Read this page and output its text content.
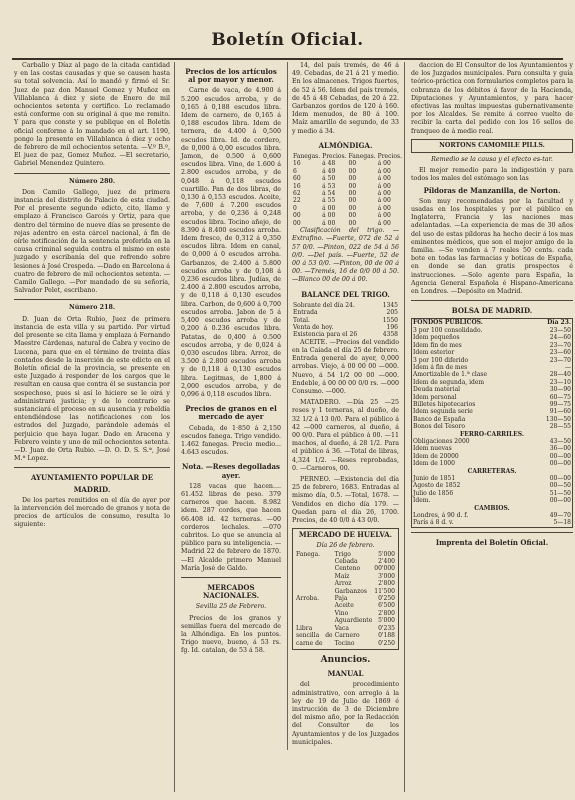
Boletín Oficial.

Carballo y Díaz al pago de la citada cantidad y en las costas causadas y que se causen hasta su total solvencia. Así lo mandó y firmó el Sr. Juez de paz don Manuel Gomez y Muñoz en Villablanca á diez y siete de Enero de mil ochocientos setenta y certifico. Lo reclamado está conforme con su original á que me remito. Y para que conste y se publique en el Boletín oficial conforme á lo mandado en el art. 1190, pongo la presente en Villablanca á diez y ocho de febrero de mil ochocientos setenta. —V.º B.º, El juez de paz, Gomez Muñoz. —El secretario, Gabriel Menendez Quintero.

Número 280.

Don Camilo Gallego, juez de primera instancia del distrito de Palacio de esta ciudad. Por el presente segundo edicto, cito, llamo y emplazo á Francisco Garcés y Ortiz, para que dentro del término de nueve días se presente de rejas adentro en esta cárcel nacional, á fin de oírle notificación de la sentencia proferida en la causa criminal seguida contra el mismo en este juzgado y escribanía del que refrendo sobre lesiones á José Crespeda. —Dado en Barcelona á cuatro de febrero de mil ochocientos setenta. —Camilo Gallego. —Por mandado de su señoría, Salvador Pelet, escribano.

Número 218.

D. Juan de Orta Rubio, Juez de primera instancia de esta villa y su partido. Por virtud del presente se cita llama y emplaza á Fernando Maestre Cárdenas, natural de Cabra y vecino de Lucena, para que en el término de treinta días contados desde la inserción de este edicto en el Boletín oficial de la provincia, se presente en este Juzgado á responder de los cargos que le resultan en causa que contra él se sustancia por sospechoso, pues si así lo hiciere se le oirá y administrará justicia; y de lo contrario se sustanciará el proceso en su ausencia y rebeldía entendiéndose las notificaciones con los estrados del Juzgado, parándole además el perjuicio que haya lugar. Dado en Aracena y Febrero veinte y uno de mil ochocientos setenta. —D. Juan de Orta Rubio. —D. O. D. S. S.ª, José M.ª Lopez.

AYUNTAMIENTO POPULAR DE
MADRID.

De los partes remitidos en el día de ayer por la intervención del mercado de granos y nota de precios de artículos de consumo, resulta lo siguiente:

Precios de los artículos al por mayor y menor.

Carne de vaca, de 4.900 á 5.200 escudos arroba, y de 0,165 á 0,188 escudos libra. Idem de carnero, de 0,165 á 0,188 escudos libra. Idem de ternera, de 4.400 á 0,500 escudos libra. Id. de cordero, de 0,000 á 0,00 escudos libra. Jamon, de 0.500 á 0,600 escudos libra. Vino, de 1.600 á 2.800 escudos arroba, y de 0,048 á 0,118 escudos cuartillo. Pan de dos libras, de 0,130 á 0,153 escudos. Aceite, de 7,600 á 7.200 escudos arroba, y de 0,236 á 0,248 escudos libra. Tocino añejo, de 8.390 á 8.400 escudos arroba. Idem fresco, de 0,312 á 0,350 escudos libra. Idem en canal, de 0,000 á 0 escudos arroba. Garbanzos, de 2.400 á 5.800 escudos arroba y de 0,108 á 0,236 escudos libra. Judías, de 2.400 á 2.800 escudos arroba, y de 0,118 á 0,130 escudos libra. Carbon, de 0,600 á 0,700 escudos arroba. Jabon de 5 á 5,400 escudos arroba y de 0,200 á 0.236 escudos libra. Patatas, de 0,400 á 0.500 escudos arroba, y de 0,024 á 0,030 escudos libra. Arroz, de 3.500 á 2.800 escudos arroba y de 0,118 á 0,130 escudos libra. Legitmas, de 1,800 á 2,000 escudos arroba, y de 0,096 á 0,118 escudos libra.

Precios de granos en el mercado de ayer

Cebada, de 1·850 á 2,150 escudos fanega. Trigo vendido. 1.462 fanegas. Precio medio... 4.643 escudos.

Nota. —Reses degolladas ayer.

128 vacas que hacen.... 61.452 libras de peso. 379 carneros que hacen. 8.982 idem. 287 cordes, que hacen 66.408 id. 42 terneras. —00 corderos lechales. —070 cabritos. Lo que se anuncia al público para su inteligencia. —Madrid 22 de febrero de 1870. —El Alcalde primero Manuel María José de Galdo.

MERCADOS NACIONALES.
Sevilla 25 de Febrero.

Precios de los granos y semillas fuera del mercado de la Alhóndiga. En los puntos. Trigo nuevo, bueno, á 53 rs. fg. Id. catalan, de 53 á 58.

14, del país tremés, de 46 á 49. Cebadas, de 21 á 21 y medio. En los almacenes. Trigos fuertes, de 52 á 56. Idem del país tremés, de 45 á 48 Cebadas, de 20 á 22. Garbanzos gordos de 120 á 160. Idem menudos, de 80 á 100. Maíz amarillo de segundo, de 33 y medio á 34.

ALMÓNDIGA.
Fanegas.	Precios.	Fanegas.	Precios.
16	á 48	00	á 00
6	á 49	00	á 00
60	á 50	00	á 00
16	á 53	00	á 00
62	á 54	00	á 00
22	á 55	00	á 00
0	á 00	00	á 00
00	á 00	00	á 00
00	á 00	00	á 00

Clasificación del trigo. —Extrafino. —Fuerte, 072 de 52 á 57 0/0. —Pinton, 022 de 54 á 56 0/0. —Del país. —Fuerte, 52 de 00 á 53 0/0. —Pinton, 00 de 00 á 00. —Tremés, 16 de 0/0 00 á 50. —Blanco 00 de 00 á 00.

BALANCE DEL TRIGO.
Sobrante del día 24.	1345
Entrada	205
Total.	1550
Venta de hoy.	196
Existencia para el 26	4358

ACEITE. —Precios del vendido en la Caíada el día 25 de febrero. Entrada general de ayer, 0,000 arrobas. Viejo, á 00 00 00 —000. Nuevo, á 54 1/2 00 00 —000. Endeble, á 00 00 00 0/0 rs. —000 Consumo. —000.

MATADERO. —Día 25 —25 reses y 1 terneras, al dueño, de 32 1/2 á 13 0/0. Para el público á 42 —000 carneros, al dueño, á 00 0/0. Para el público á 00. —11 machos, al dueño, á 28 1/2. Para el público á 36. —Total de libras, 4,324 1/2. —Reses reprobadas, 0. —Carneros, 00.

PERNEO. —Existencia del día 25 de febrero, 1683. Entradas al mismo día, 0.5. —Total, 1678. —Vendidos en dicho día 179. —Quedan para el día 26, 1700. Precios, de 40 0/0 á 43 0/0.

MERCADO DE HUELVA.
Día 26 de febrero.
Fanega.	Trigo	5'000
	Cebada	2'400
	Centeno	00'000
	Maíz	3'000
	Arroz	2'800
	Garbanzos	11'500
Arroba.	Paja	0'250
	Aceite	6'500
	Vino	2'800
	Aguardiente	5'000
Libra sencilla de carne de	Vaca	0'235
	Carnero	0'188
	Tocino	0'250
Anuncios.
MANUAL

del procedimiento administrativo, con arreglo á la ley de 19 de Julio de 1869 é instrucción de 3 de Diciembre del mismo año, por la Redacción del Consultor de los Ayuntamientos y de los Juzgados municipales.

daccion de El Consultor de los Ayuntamientos y de los Juzgados municipales. Para consulta y guía teórico-práctica con formularios completos para la cobranza de los débitos á favor de la Hacienda, Diputaciones y Ayuntamientos, y para hacer efectivas las multas impuestas gubernativamente por los Alcaldes. Se remite á correo vuelto de recibir la carta del pedido con los 16 sellos de franqueo de á medio real.

NORTONS CAMOMILE PILLS.
Remedio se la causa y el efecto es-tar.

El mejor remedio para la indigestión y para todos los males del estómago son las

Píldoras de Manzanilla, de Norton.

Son muy recomendadas por la facultad y usadas en los hospitales y por el público en Inglaterra, Francia y las naciones mas adelantadas. —La experiencia de mas de 30 años del uso de estas píldoras ha hecho decir á los mas eminentes médicos, que son el mejor amigo de la familia. —Se venden á 7 reales 50 cents. cada bote en todas las farmacias y boticas de España, en donde se dan gratis prospectos é instrucciones. —Solo agente para España, la Agencia General Española é Hispano-Americana en Londres. —Depósito en Madrid.

BOLSA DE MADRID.
FONDOS PÚBLICOS.	Día 23.
3 por 100 consolidado.	23—50
Idem pequeños	24—60
Idem fin de mes	23—70
Idem esterior	23—60
3 por 100 diferido	23—70
Idem á fin de mes	—
Amortizable de 1.ª clase	28—40
Idem de segunda, idem	23—10
Deuda material	30—90
Idem personal	60—75
Billetes hipotecarios	99—75
Idem segunda serie	91—60
Banco de España	130—50
Bonos del Tesoro	28—55
FERRO-CARRILES.	
Obligaciones 2000	43—50
Idem nuevas	36—00
Idem de 20000	00—00
Idem de 1000	00—00
CARRETERAS.	
Junio de 1851	00—00
Agosto de 1852	00—50
Julio de 1856	51—50
Idem.	00—00
CAMBIOS.	
Londres, á 90 d. f.	49—70
París á 8 d. v.	5—18
Imprenta del Boletín Oficial.
